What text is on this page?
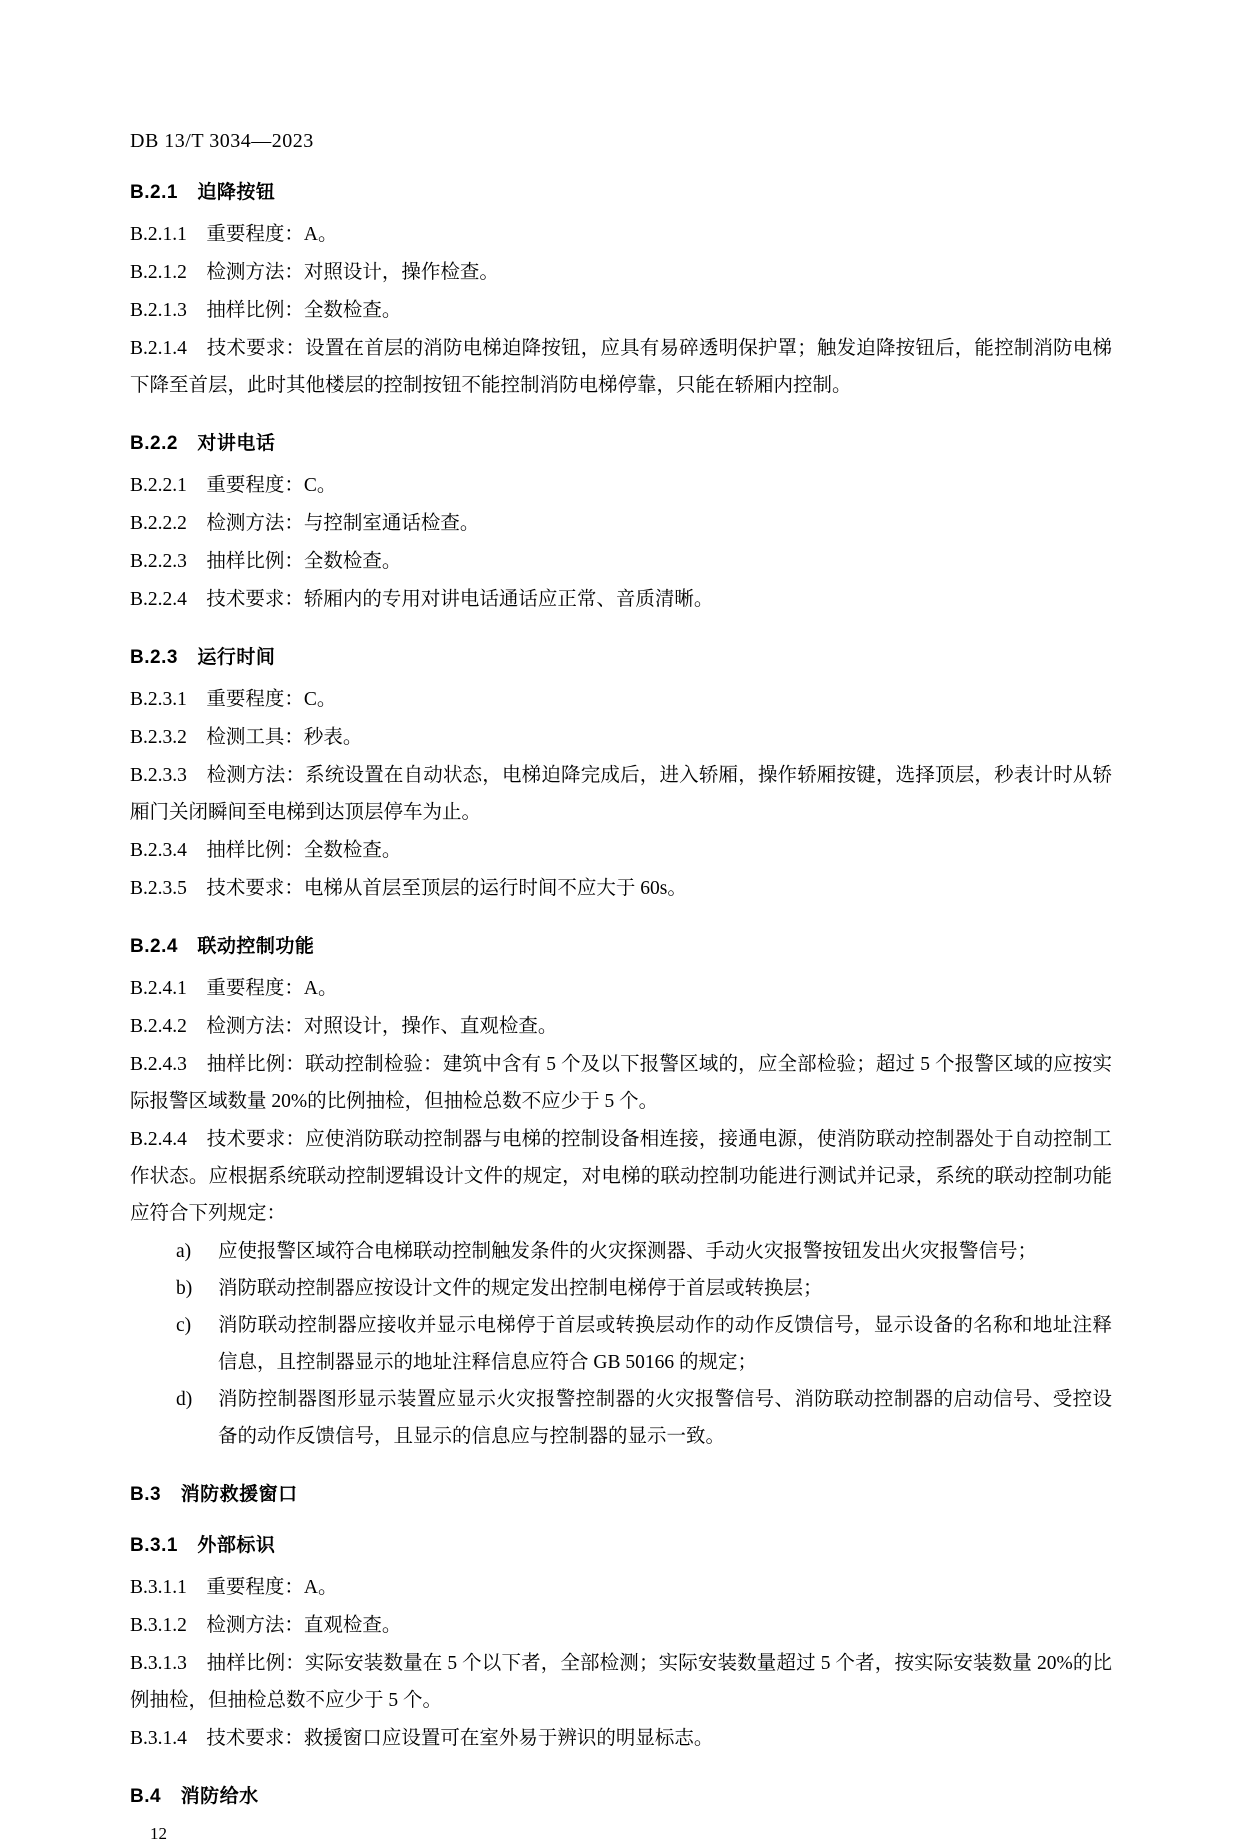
DB 13/T 3034—2023
B.2.1　迫降按钮
B.2.1.1　重要程度：A。
B.2.1.2　检测方法：对照设计，操作检查。
B.2.1.3　抽样比例：全数检查。
B.2.1.4　技术要求：设置在首层的消防电梯迫降按钮，应具有易碎透明保护罩；触发迫降按钮后，能控制消防电梯下降至首层，此时其他楼层的控制按钮不能控制消防电梯停靠，只能在轿厢内控制。
B.2.2　对讲电话
B.2.2.1　重要程度：C。
B.2.2.2　检测方法：与控制室通话检查。
B.2.2.3　抽样比例：全数检查。
B.2.2.4　技术要求：轿厢内的专用对讲电话通话应正常、音质清晰。
B.2.3　运行时间
B.2.3.1　重要程度：C。
B.2.3.2　检测工具：秒表。
B.2.3.3　检测方法：系统设置在自动状态，电梯迫降完成后，进入轿厢，操作轿厢按键，选择顶层，秒表计时从轿厢门关闭瞬间至电梯到达顶层停车为止。
B.2.3.4　抽样比例：全数检查。
B.2.3.5　技术要求：电梯从首层至顶层的运行时间不应大于 60s。
B.2.4　联动控制功能
B.2.4.1　重要程度：A。
B.2.4.2　检测方法：对照设计，操作、直观检查。
B.2.4.3　抽样比例：联动控制检验：建筑中含有 5 个及以下报警区域的，应全部检验；超过 5 个报警区域的应按实际报警区域数量 20%的比例抽检，但抽检总数不应少于 5 个。
B.2.4.4　技术要求：应使消防联动控制器与电梯的控制设备相连接，接通电源，使消防联动控制器处于自动控制工作状态。应根据系统联动控制逻辑设计文件的规定，对电梯的联动控制功能进行测试并记录，系统的联动控制功能应符合下列规定：
a)	应使报警区域符合电梯联动控制触发条件的火灾探测器、手动火灾报警按钮发出火灾报警信号；
b)	消防联动控制器应按设计文件的规定发出控制电梯停于首层或转换层；
c)	消防联动控制器应接收并显示电梯停于首层或转换层动作的动作反馈信号，显示设备的名称和地址注释信息，且控制器显示的地址注释信息应符合 GB 50166 的规定；
d)	消防控制器图形显示装置应显示火灾报警控制器的火灾报警信号、消防联动控制器的启动信号、受控设备的动作反馈信号，且显示的信息应与控制器的显示一致。
B.3　消防救援窗口
B.3.1　外部标识
B.3.1.1　重要程度：A。
B.3.1.2　检测方法：直观检查。
B.3.1.3　抽样比例：实际安装数量在 5 个以下者，全部检测；实际安装数量超过 5 个者，按实际安装数量 20%的比例抽检，但抽检总数不应少于 5 个。
B.3.1.4　技术要求：救援窗口应设置可在室外易于辨识的明显标志。
B.4　消防给水
12
